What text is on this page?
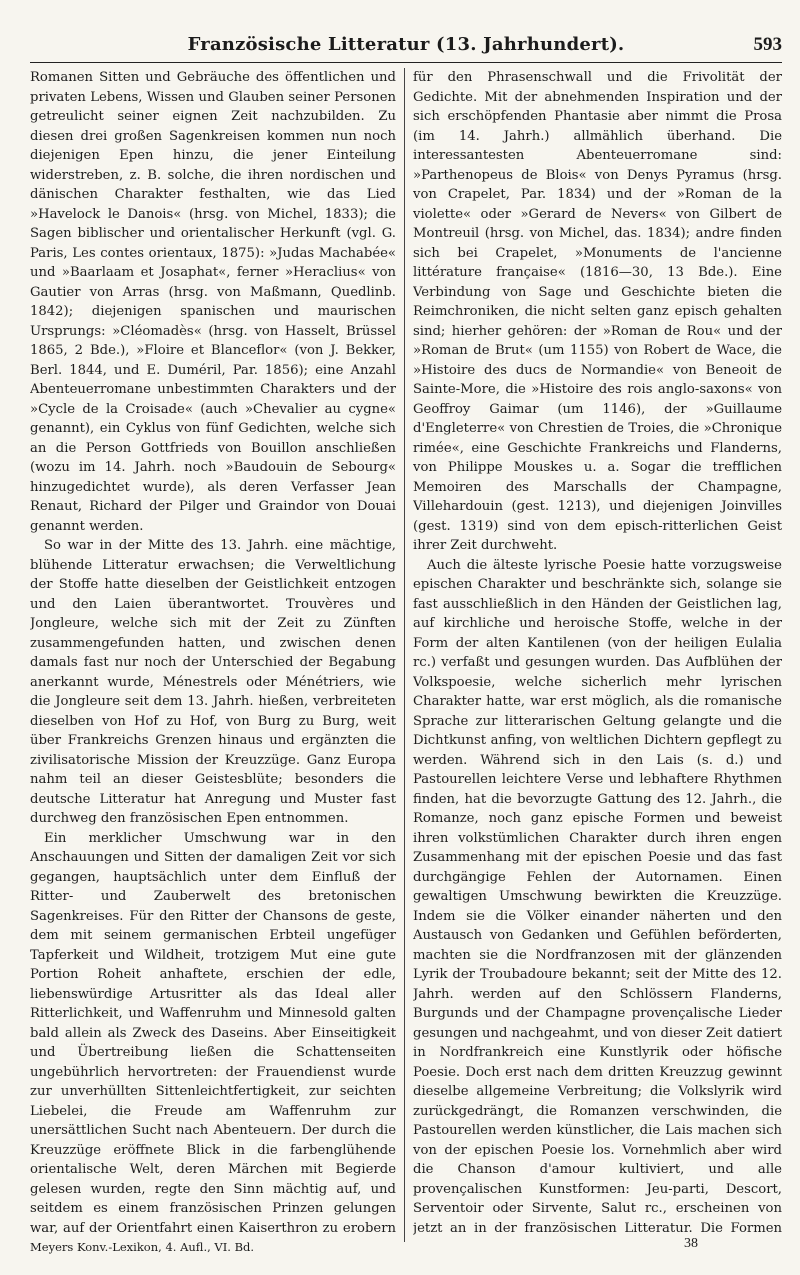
Französische Litteratur (13. Jahrhundert).	593

Romanen Sitten und Gebräuche des öffentlichen und privaten Lebens, Wissen und Glauben seiner Personen getreulicht seiner eignen Zeit nachzubilden. Zu diesen drei großen Sagenkreisen kommen nun noch diejenigen Epen hinzu, die jener Einteilung widerstreben, z. B. solche, die ihren nordischen und dänischen Charakter festhalten, wie das Lied »Havelock le Danois« (hrsg. von Michel, 1833); die Sagen biblischer und orientalischer Herkunft (vgl. G. Paris, Les contes orientaux, 1875): »Judas Machabée« und »Baarlaam et Josaphat«, ferner »Heraclius« von Gautier von Arras (hrsg. von Maßmann, Quedlinb. 1842); diejenigen spanischen und maurischen Ursprungs: »Cléomadès« (hrsg. von Hasselt, Brüssel 1865, 2 Bde.), »Floire et Blanceflor« (von J. Bekker, Berl. 1844, und E. Duméril, Par. 1856); eine Anzahl Abenteuerromane unbestimmten Charakters und der »Cycle de la Croisade« (auch »Chevalier au cygne« genannt), ein Cyklus von fünf Gedichten, welche sich an die Person Gottfrieds von Bouillon anschließen (wozu im 14. Jahrh. noch »Baudouin de Sebourg« hinzugedichtet wurde), als deren Verfasser Jean Renaut, Richard der Pilger und Graindor von Douai genannt werden.

So war in der Mitte des 13. Jahrh. eine mächtige, blühende Litteratur erwachsen; die Verweltlichung der Stoffe hatte dieselben der Geistlichkeit entzogen und den Laien überantwortet. Trouvères und Jongleure, welche sich mit der Zeit zu Zünften zusammengefunden hatten, und zwischen denen damals fast nur noch der Unterschied der Begabung anerkannt wurde, Ménestrels oder Ménétriers, wie die Jongleure seit dem 13. Jahrh. hießen, verbreiteten dieselben von Hof zu Hof, von Burg zu Burg, weit über Frankreichs Grenzen hinaus und ergänzten die zivilisatorische Mission der Kreuzzüge. Ganz Europa nahm teil an dieser Geistesblüte; besonders die deutsche Litteratur hat Anregung und Muster fast durchweg den französischen Epen entnommen.

Ein merklicher Umschwung war in den Anschauungen und Sitten der damaligen Zeit vor sich gegangen, hauptsächlich unter dem Einfluß der Ritter- und Zauberwelt des bretonischen Sagenkreises. Für den Ritter der Chansons de geste, dem mit seinem germanischen Erbteil ungefüger Tapferkeit und Wildheit, trotzigem Mut eine gute Portion Roheit anhaftete, erschien der edle, liebenswürdige Artusritter als das Ideal aller Ritterlichkeit, und Waffenruhm und Minnesold galten bald allein als Zweck des Daseins. Aber Einseitigkeit und Übertreibung ließen die Schattenseiten ungebührlich hervortreten: der Frauendienst wurde zur unverhüllten Sittenleichtfertigkeit, zur seichten Liebelei, die Freude am Waffenruhm zur unersättlichen Sucht nach Abenteuern. Der durch die Kreuzzüge eröffnete Blick in die farbenglühende orientalische Welt, deren Märchen mit Begierde gelesen wurden, regte den Sinn mächtig auf, und seitdem es einem französischen Prinzen gelungen war, auf der Orientfahrt einen Kaiserthron zu erobern

für den Phrasenschwall und die Frivolität der Gedichte. Mit der abnehmenden Inspiration und der sich erschöpfenden Phantasie aber nimmt die Prosa (im 14. Jahrh.) allmählich überhand. Die interessantesten Abenteuerromane sind: »Parthenopeus de Blois« von Denys Pyramus (hrsg. von Crapelet, Par. 1834) und der »Roman de la violette« oder »Gerard de Nevers« von Gilbert de Montreuil (hrsg. von Michel, das. 1834); andre finden sich bei Crapelet, »Monuments de l'ancienne littérature française« (1816—30, 13 Bde.). Eine Verbindung von Sage und Geschichte bieten die Reimchroniken, die nicht selten ganz episch gehalten sind; hierher gehören: der »Roman de Rou« und der »Roman de Brut« (um 1155) von Robert de Wace, die »Histoire des ducs de Normandie« von Beneoit de Sainte-More, die »Histoire des rois anglo-saxons« von Geoffroy Gaimar (um 1146), der »Guillaume d'Engleterre« von Chrestien de Troies, die »Chronique rimée«, eine Geschichte Frankreichs und Flanderns, von Philippe Mouskes u. a. Sogar die trefflichen Memoiren des Marschalls der Champagne, Villehardouin (gest. 1213), und diejenigen Joinvilles (gest. 1319) sind von dem episch-ritterlichen Geist ihrer Zeit durchweht.

Auch die älteste lyrische Poesie hatte vorzugsweise epischen Charakter und beschränkte sich, solange sie fast ausschließlich in den Händen der Geistlichen lag, auf kirchliche und heroische Stoffe, welche in der Form der alten Kantilenen (von der heiligen Eulalia rc.) verfaßt und gesungen wurden. Das Aufblühen der Volkspoesie, welche sicherlich mehr lyrischen Charakter hatte, war erst möglich, als die romanische Sprache zur litterarischen Geltung gelangte und die Dichtkunst anfing, von weltlichen Dichtern gepflegt zu werden. Während sich in den Lais (s. d.) und Pastourellen leichtere Verse und lebhaftere Rhythmen finden, hat die bevorzugte Gattung des 12. Jahrh., die Romanze, noch ganz epische Formen und beweist ihren volkstümlichen Charakter durch ihren engen Zusammenhang mit der epischen Poesie und das fast durchgängige Fehlen der Autornamen. Einen gewaltigen Umschwung bewirkten die Kreuzzüge. Indem sie die Völker einander näherten und den Austausch von Gedanken und Gefühlen beförderten, machten sie die Nordfranzosen mit der glänzenden Lyrik der Troubadoure bekannt; seit der Mitte des 12. Jahrh. werden auf den Schlössern Flanderns, Burgunds und der Champagne provençalische Lieder gesungen und nachgeahmt, und von dieser Zeit datiert in Nordfrankreich eine Kunstlyrik oder höfische Poesie. Doch erst nach dem dritten Kreuzzug gewinnt dieselbe allgemeine Verbreitung; die Volkslyrik wird zurückgedrängt, die Romanzen verschwinden, die Pastourellen werden künstlicher, die Lais machen sich von der epischen Poesie los. Vornehmlich aber wird die Chanson d'amour kultiviert, und alle provençalischen Kunstformen: Jeu-parti, Descort, Serventoir oder Sirvente, Salut rc., erscheinen von jetzt an in der französischen Litteratur. Die Formen

Meyers Konv.-Lexikon, 4. Aufl., VI. Bd.	38
